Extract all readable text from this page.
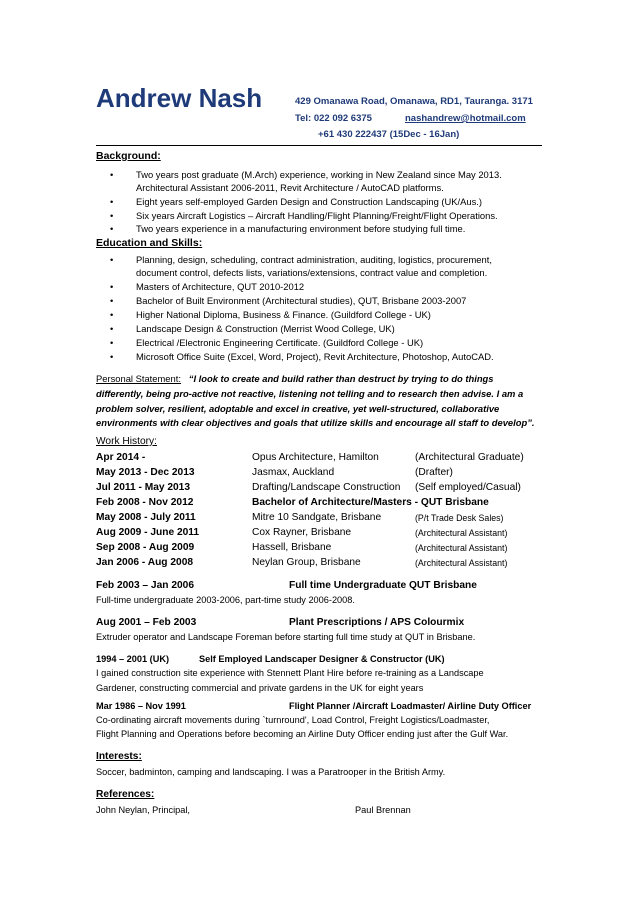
Andrew Nash	429 Omanawa Road, Omanawa, RD1, Tauranga. 3171
Tel: 022 092 6375	nashandrew@hotmail.com
+61 430 222437 (15Dec - 16Jan)
Background:
• Two years post graduate (M.Arch) experience, working in New Zealand since May 2013.
Architectural Assistant 2006-2011, Revit Architecture / AutoCAD platforms.
• Eight years self-employed Garden Design and Construction Landscaping (UK/Aus.)
• Six years Aircraft Logistics – Aircraft Handling/Flight Planning/Freight/Flight Operations.
• Two years experience in a manufacturing environment before studying full time.
Education and Skills:
• Planning, design, scheduling, contract administration, auditing, logistics, procurement,
document control, defects lists, variations/extensions, contract value and completion.
• Masters of Architecture, QUT 2010-2012
• Bachelor of Built Environment (Architectural studies), QUT, Brisbane 2003-2007
• Higher National Diploma, Business & Finance. (Guildford College - UK)
• Landscape Design & Construction (Merrist Wood College, UK)
• Electrical /Electronic Engineering Certificate. (Guildford College - UK)
• Microsoft Office Suite (Excel, Word, Project), Revit Architecture, Photoshop, AutoCAD.
Personal Statement: “I look to create and build rather than destruct by trying to do things differently, being pro-active not reactive, listening not telling and to research then advise. I am a problem solver, resilient, adoptable and excel in creative, yet well-structured, collaborative environments with clear objectives and goals that utilize skills and encourage all staff to develop”.
Work History:
Apr 2014 -	Opus Architecture, Hamilton	(Architectural Graduate)
May 2013 - Dec 2013	Jasmax, Auckland	(Drafter)
Jul 2011 - May 2013	Drafting/Landscape Construction (Self employed/Casual)
Feb 2008 - Nov 2012	Bachelor of Architecture/Masters - QUT Brisbane
May 2008 - July 2011	Mitre 10 Sandgate, Brisbane	(P/t Trade Desk Sales)
Aug 2009 - June 2011	Cox Rayner, Brisbane	(Architectural Assistant)
Sep 2008 - Aug 2009	Hassell, Brisbane	(Architectural Assistant)
Jan 2006 - Aug 2008	Neylan Group, Brisbane	(Architectural Assistant)
Feb 2003 – Jan 2006	Full time Undergraduate QUT Brisbane
Full-time undergraduate 2003-2006, part-time study 2006-2008.
Aug 2001 – Feb 2003	Plant Prescriptions / APS Colourmix
Extruder operator and Landscape Foreman before starting full time study at QUT in Brisbane.
1994 – 2001 (UK)	Self Employed Landscaper Designer & Constructor (UK)
I gained construction site experience with Stennett Plant Hire before re-training as a Landscape
Gardener, constructing commercial and private gardens in the UK for eight years
Mar 1986 – Nov 1991	Flight Planner /Aircraft Loadmaster/ Airline Duty Officer
Co-ordinating aircraft movements during `turnround', Load Control, Freight Logistics/Loadmaster,
Flight Planning and Operations before becoming an Airline Duty Officer ending just after the Gulf War.
Interests:
Soccer, badminton, camping and landscaping. I was a Paratrooper in the British Army.
References:
John Neylan, Principal,	Paul Brennan
